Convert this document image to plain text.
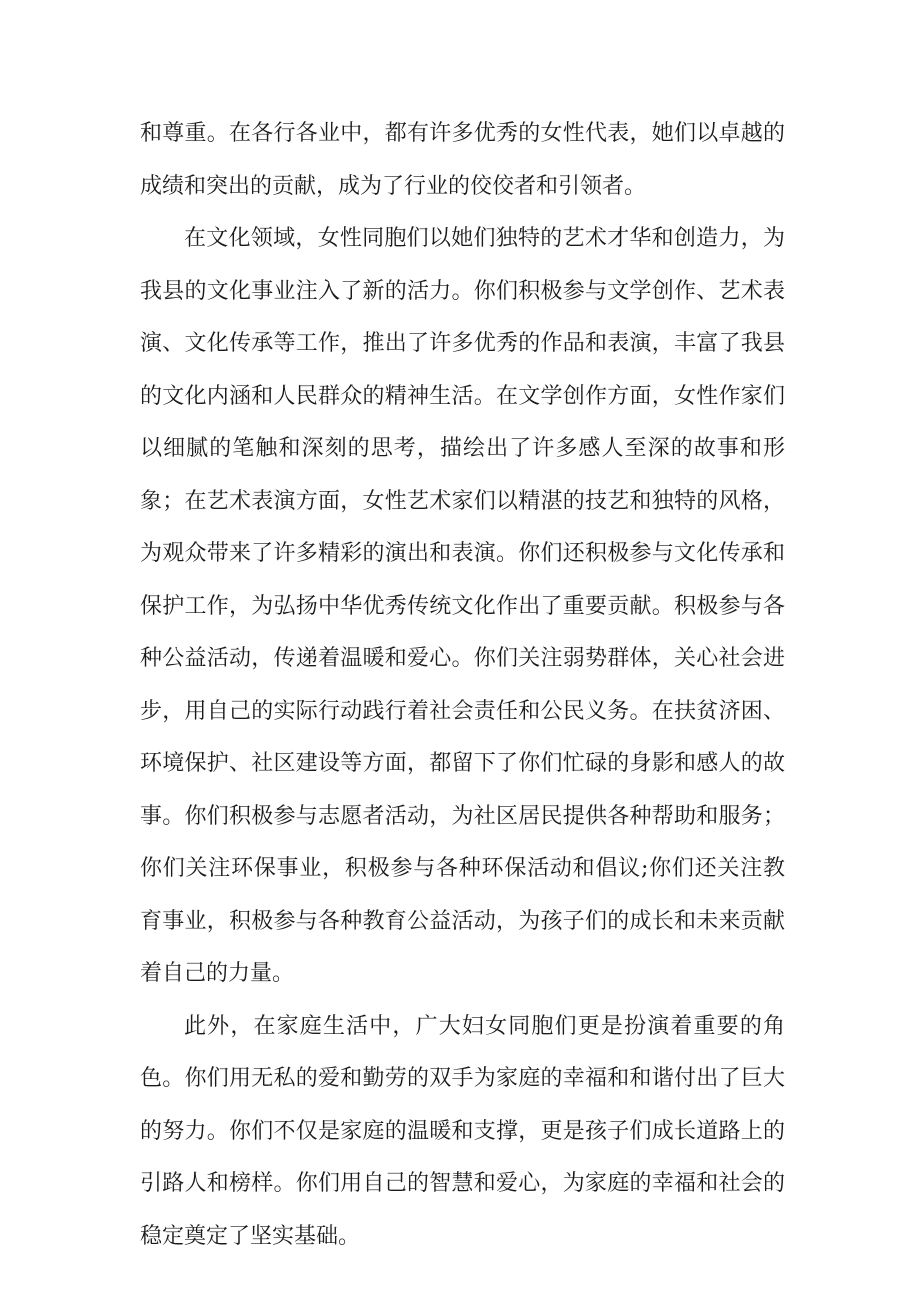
和尊重。在各行各业中，都有许多优秀的女性代表，她们以卓越的成绩和突出的贡献，成为了行业的佼佼者和引领者。

在文化领域，女性同胞们以她们独特的艺术才华和创造力，为我县的文化事业注入了新的活力。你们积极参与文学创作、艺术表演、文化传承等工作，推出了许多优秀的作品和表演，丰富了我县的文化内涵和人民群众的精神生活。在文学创作方面，女性作家们以细腻的笔触和深刻的思考，描绘出了许多感人至深的故事和形象；在艺术表演方面，女性艺术家们以精湛的技艺和独特的风格，为观众带来了许多精彩的演出和表演。你们还积极参与文化传承和保护工作，为弘扬中华优秀传统文化作出了重要贡献。积极参与各种公益活动，传递着温暖和爱心。你们关注弱势群体，关心社会进步，用自己的实际行动践行着社会责任和公民义务。在扶贫济困、环境保护、社区建设等方面，都留下了你们忙碌的身影和感人的故事。你们积极参与志愿者活动，为社区居民提供各种帮助和服务；你们关注环保事业，积极参与各种环保活动和倡议;你们还关注教育事业，积极参与各种教育公益活动，为孩子们的成长和未来贡献着自己的力量。

此外，在家庭生活中，广大妇女同胞们更是扮演着重要的角色。你们用无私的爱和勤劳的双手为家庭的幸福和和谐付出了巨大的努力。你们不仅是家庭的温暖和支撑，更是孩子们成长道路上的引路人和榜样。你们用自己的智慧和爱心，为家庭的幸福和社会的稳定奠定了坚实基础。
